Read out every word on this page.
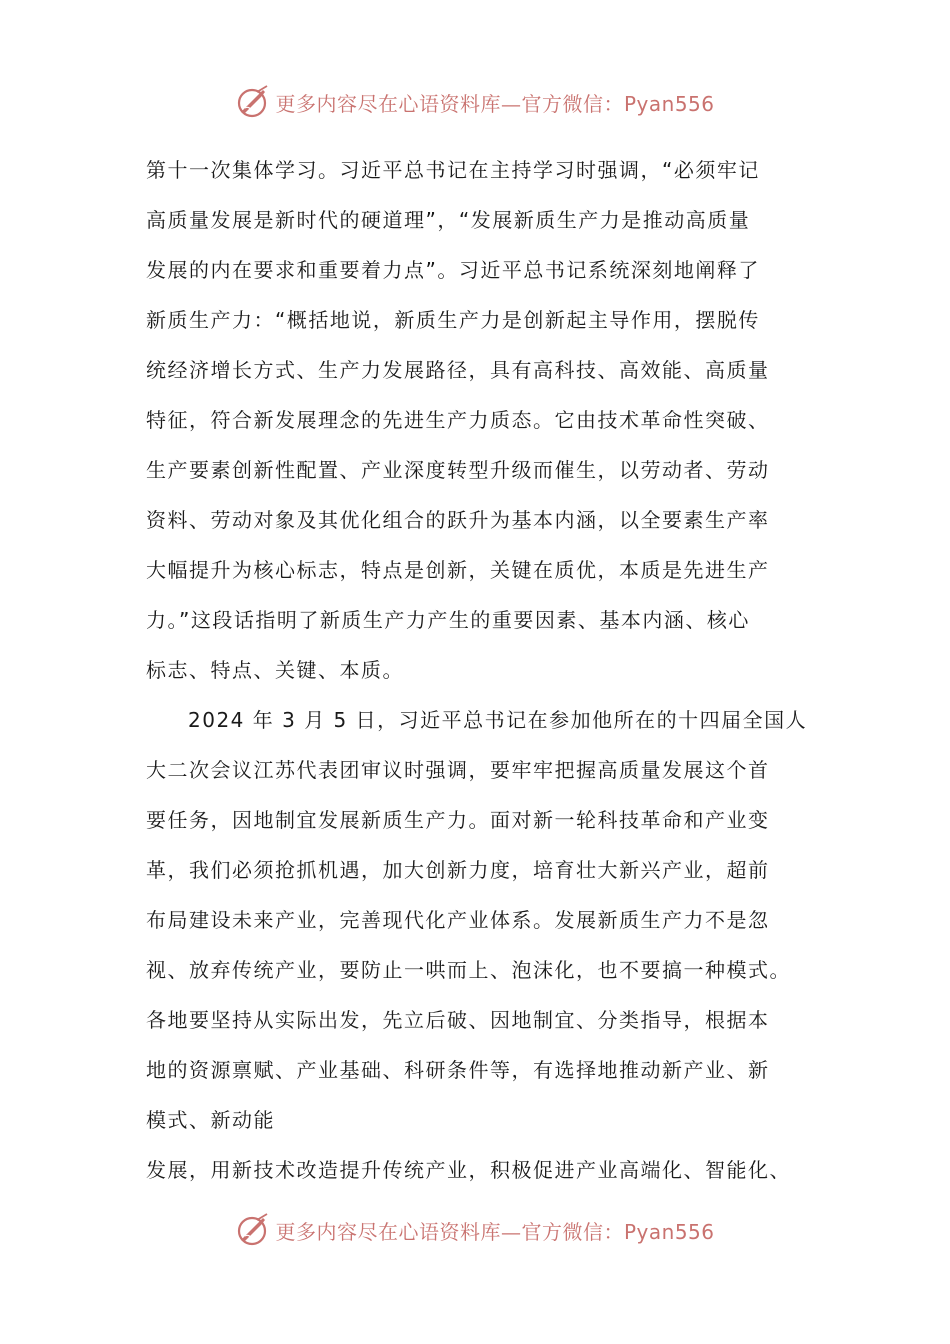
更多内容尽在心语资料库—官方微信：Pyan556
第十一次集体学习。习近平总书记在主持学习时强调，“必须牢记
高质量发展是新时代的硬道理”，“发展新质生产力是推动高质量
发展的内在要求和重要着力点”。习近平总书记系统深刻地阐释了
新质生产力：“概括地说，新质生产力是创新起主导作用，摆脱传
统经济增长方式、生产力发展路径，具有高科技、高效能、高质量
特征，符合新发展理念的先进生产力质态。它由技术革命性突破、
生产要素创新性配置、产业深度转型升级而催生，以劳动者、劳动
资料、劳动对象及其优化组合的跃升为基本内涵，以全要素生产率
大幅提升为核心标志，特点是创新，关键在质优，本质是先进生产
力。”这段话指明了新质生产力产生的重要因素、基本内涵、核心
标志、特点、关键、本质。
2024 年 3 月 5 日，习近平总书记在参加他所在的十四届全国人
大二次会议江苏代表团审议时强调，要牢牢把握高质量发展这个首
要任务，因地制宜发展新质生产力。面对新一轮科技革命和产业变
革，我们必须抢抓机遇，加大创新力度，培育壮大新兴产业，超前
布局建设未来产业，完善现代化产业体系。发展新质生产力不是忽
视、放弃传统产业，要防止一哄而上、泡沫化，也不要搞一种模式。
各地要坚持从实际出发，先立后破、因地制宜、分类指导，根据本
地的资源禀赋、产业基础、科研条件等，有选择地推动新产业、新
模式、新动能
发展，用新技术改造提升传统产业，积极促进产业高端化、智能化、
更多内容尽在心语资料库—官方微信：Pyan556
